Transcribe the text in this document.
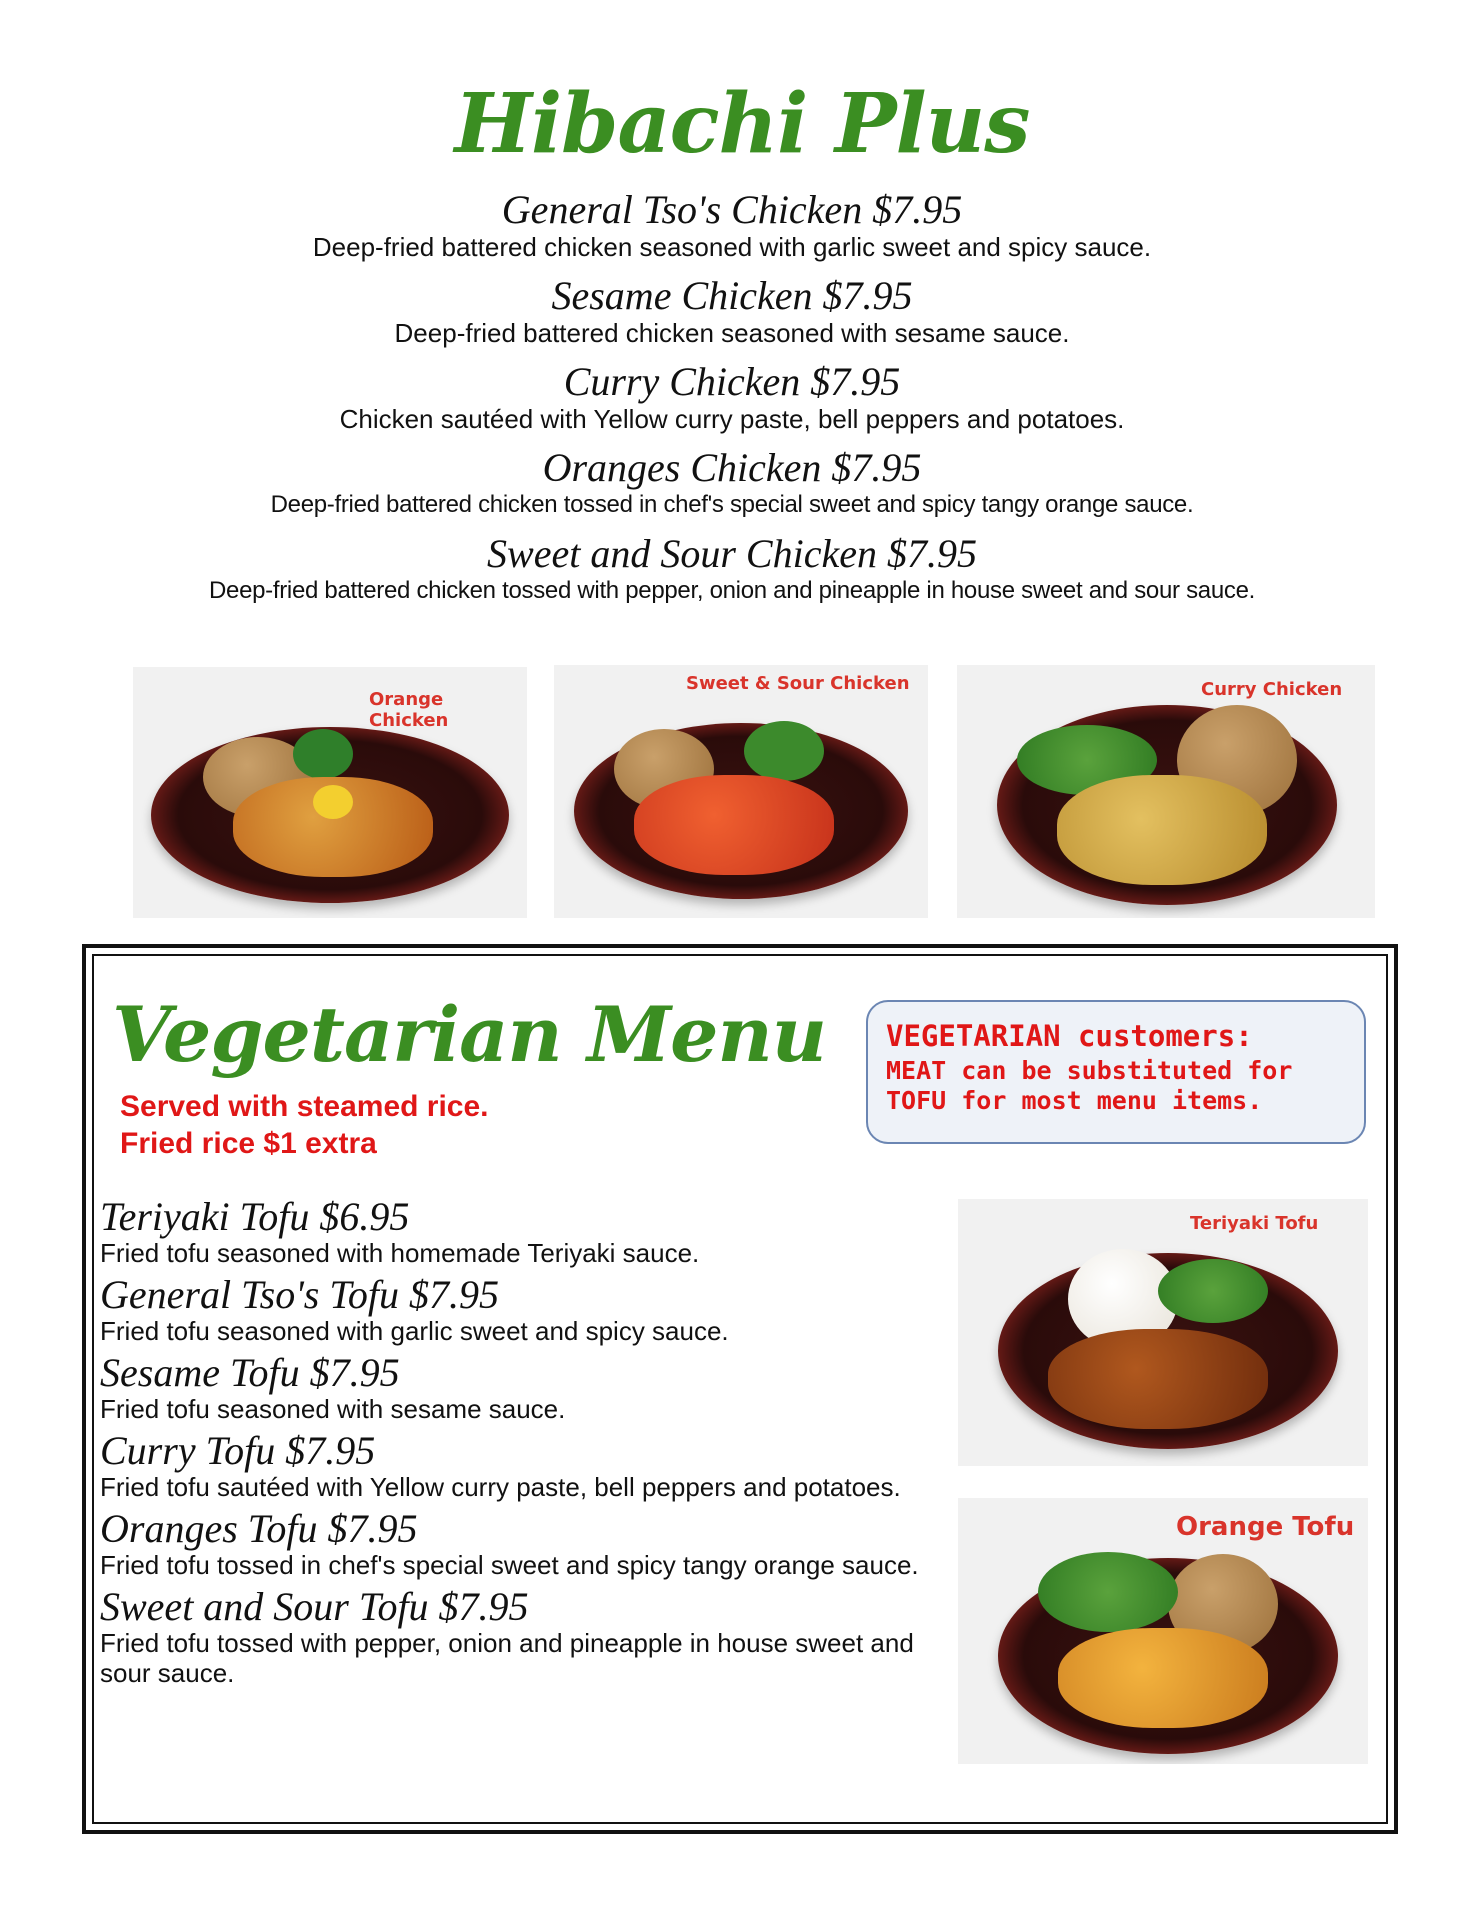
Hibachi Plus
General Tso's Chicken $7.95
Deep-fried battered chicken seasoned with garlic sweet and spicy sauce.
Sesame Chicken $7.95
Deep-fried battered chicken seasoned with sesame sauce.
Curry Chicken $7.95
Chicken sautéed with Yellow curry paste, bell peppers and potatoes.
Oranges Chicken $7.95
Deep-fried battered chicken tossed in chef's special sweet and spicy tangy orange sauce.
Sweet and Sour Chicken $7.95
Deep-fried battered chicken tossed with pepper, onion and pineapple in house sweet and sour sauce.
Orange Chicken
Sweet & Sour Chicken	Curry Chicken
Vegetarian Menu
Served with steamed rice.
Fried rice $1 extra
VEGETARIAN customers:
MEAT can be substituted for
TOFU for most menu items.
Teriyaki Tofu $6.95
Fried tofu seasoned with homemade Teriyaki sauce.
General Tso's Tofu $7.95
Fried tofu seasoned with garlic sweet and spicy sauce.
Sesame Tofu $7.95
Fried tofu seasoned with sesame sauce.
Curry Tofu $7.95
Fried tofu sautéed with Yellow curry paste, bell peppers and potatoes.
Oranges Tofu $7.95
Fried tofu tossed in chef's special sweet and spicy tangy orange sauce.
Sweet and Sour Tofu $7.95
Fried tofu tossed with pepper, onion and pineapple in house sweet and sour sauce.
Teriyaki Tofu
Orange Tofu
